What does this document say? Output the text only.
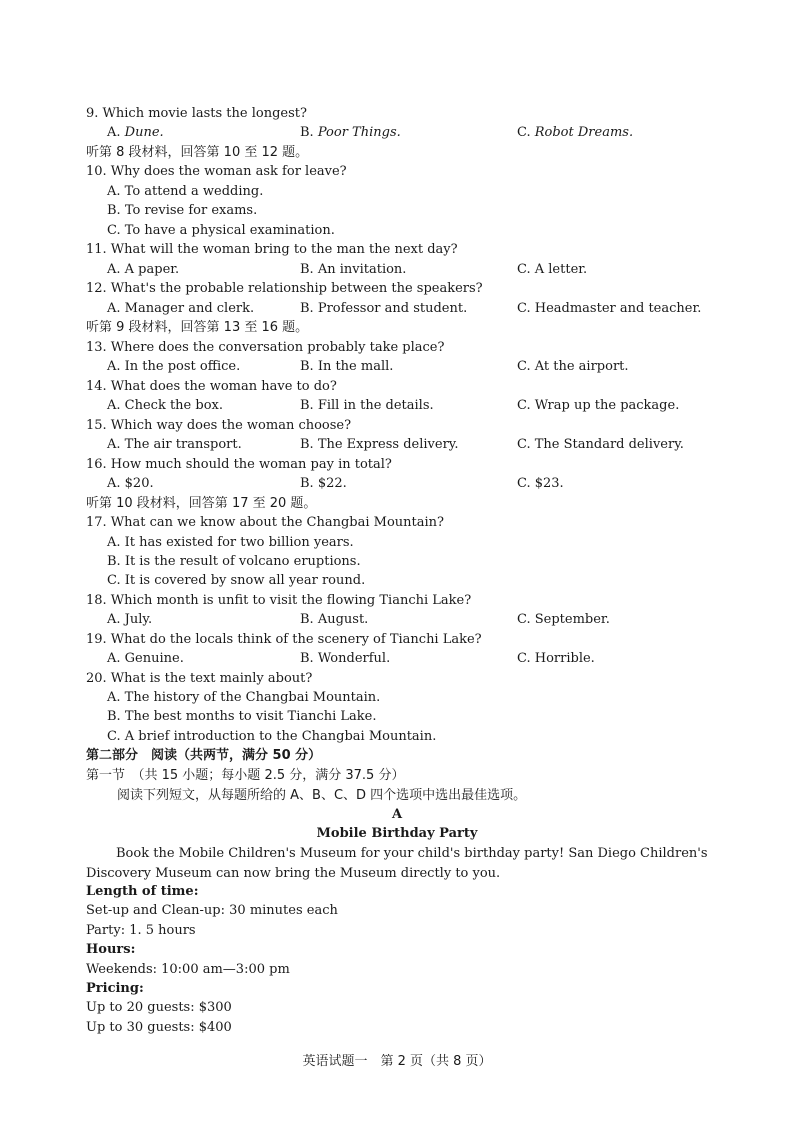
9. Which movie lasts the longest?
A. Dune.	B. Poor Things.	C. Robot Dreams.
听第 8 段材料，回答第 10 至 12 题。
10. Why does the woman ask for leave?
A. To attend a wedding.
B. To revise for exams.
C. To have a physical examination.
11. What will the woman bring to the man the next day?
A. A paper.	B. An invitation.	C. A letter.
12. What's the probable relationship between the speakers?
A. Manager and clerk.	B. Professor and student.	C. Headmaster and teacher.
听第 9 段材料，回答第 13 至 16 题。
13. Where does the conversation probably take place?
A. In the post office.	B. In the mall.	C. At the airport.
14. What does the woman have to do?
A. Check the box.	B. Fill in the details.	C. Wrap up the package.
15. Which way does the woman choose?
A. The air transport.	B. The Express delivery.	C. The Standard delivery.
16. How much should the woman pay in total?
A. $20.	B. $22.	C. $23.
听第 10 段材料，回答第 17 至 20 题。
17. What can we know about the Changbai Mountain?
A. It has existed for two billion years.
B. It is the result of volcano eruptions.
C. It is covered by snow all year round.
18. Which month is unfit to visit the flowing Tianchi Lake?
A. July.	B. August.	C. September.
19. What do the locals think of the scenery of Tianchi Lake?
A. Genuine.	B. Wonderful.	C. Horrible.
20. What is the text mainly about?
A. The history of the Changbai Mountain.
B. The best months to visit Tianchi Lake.
C. A brief introduction to the Changbai Mountain.
第二部分　阅读（共两节，满分 50 分）
第一节　（共 15 小题；每小题 2.5 分，满分 37.5 分）
阅读下列短文，从每题所给的 A、B、C、D 四个选项中选出最佳选项。
A
Mobile Birthday Party
Book the Mobile Children's Museum for your child's birthday party! San Diego Children's Discovery Museum can now bring the Museum directly to you.
Length of time:
Set-up and Clean-up: 30 minutes each
Party: 1. 5 hours
Hours:
Weekends: 10:00 am—3:00 pm
Pricing:
Up to 20 guests: $300
Up to 30 guests: $400
英语试题一　第 2 页（共 8 页）
